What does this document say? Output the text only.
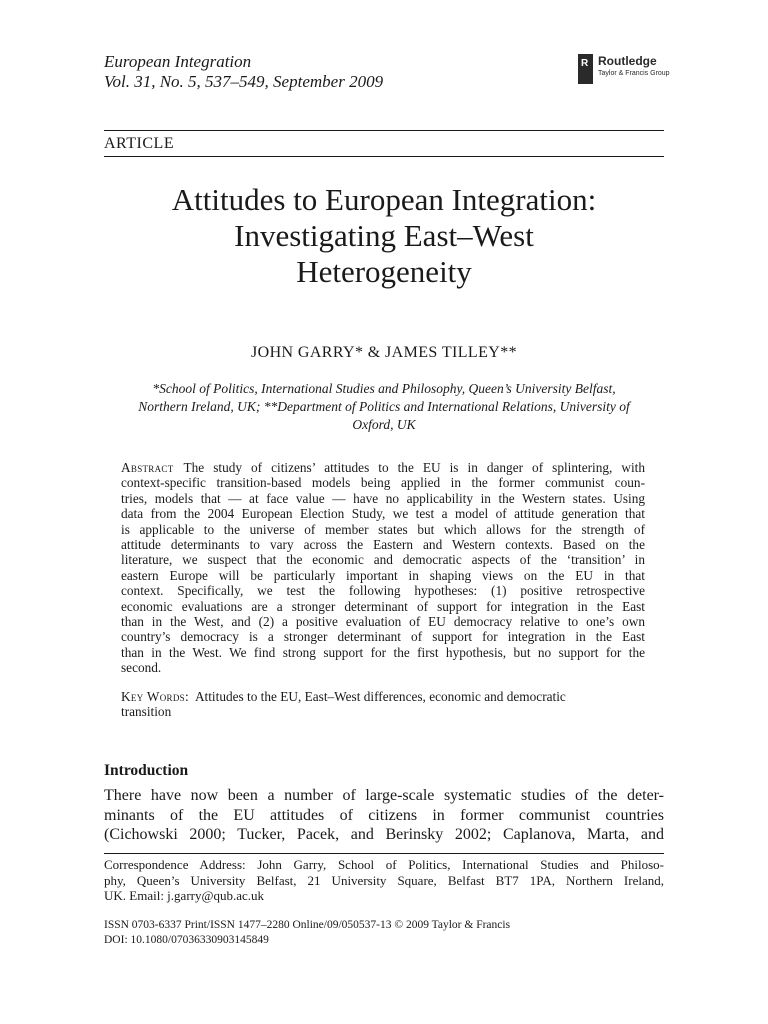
European Integration
Vol. 31, No. 5, 537–549, September 2009
R Routledge
Taylor & Francis Group
ARTICLE
Attitudes to European Integration:
Investigating East–West
Heterogeneity
JOHN GARRY* & JAMES TILLEY**
*School of Politics, International Studies and Philosophy, Queen’s University Belfast,
Northern Ireland, UK; **Department of Politics and International Relations, University of
Oxford, UK
Abstract The study of citizens’ attitudes to the EU is in danger of splintering, with
context-specific transition-based models being applied in the former communist coun-
tries, models that — at face value — have no applicability in the Western states. Using
data from the 2004 European Election Study, we test a model of attitude generation that
is applicable to the universe of member states but which allows for the strength of
attitude determinants to vary across the Eastern and Western contexts. Based on the
literature, we suspect that the economic and democratic aspects of the ‘transition’ in
eastern Europe will be particularly important in shaping views on the EU in that
context. Specifically, we test the following hypotheses: (1) positive retrospective
economic evaluations are a stronger determinant of support for integration in the East
than in the West, and (2) a positive evaluation of EU democracy relative to one’s own
country’s democracy is a stronger determinant of support for integration in the East
than in the West. We find strong support for the first hypothesis, but no support for the
second.
Key Words: Attitudes to the EU, East–West differences, economic and democratic
transition
Introduction
There have now been a number of large-scale systematic studies of the deter-
minants of the EU attitudes of citizens in former communist countries
(Cichowski 2000; Tucker, Pacek, and Berinsky 2002; Caplanova, Marta, and
Correspondence Address: John Garry, School of Politics, International Studies and Philoso-
phy, Queen’s University Belfast, 21 University Square, Belfast BT7 1PA, Northern Ireland,
UK. Email: j.garry@qub.ac.uk
ISSN 0703-6337 Print/ISSN 1477–2280 Online/09/050537-13 © 2009 Taylor & Francis
DOI: 10.1080/07036330903145849
